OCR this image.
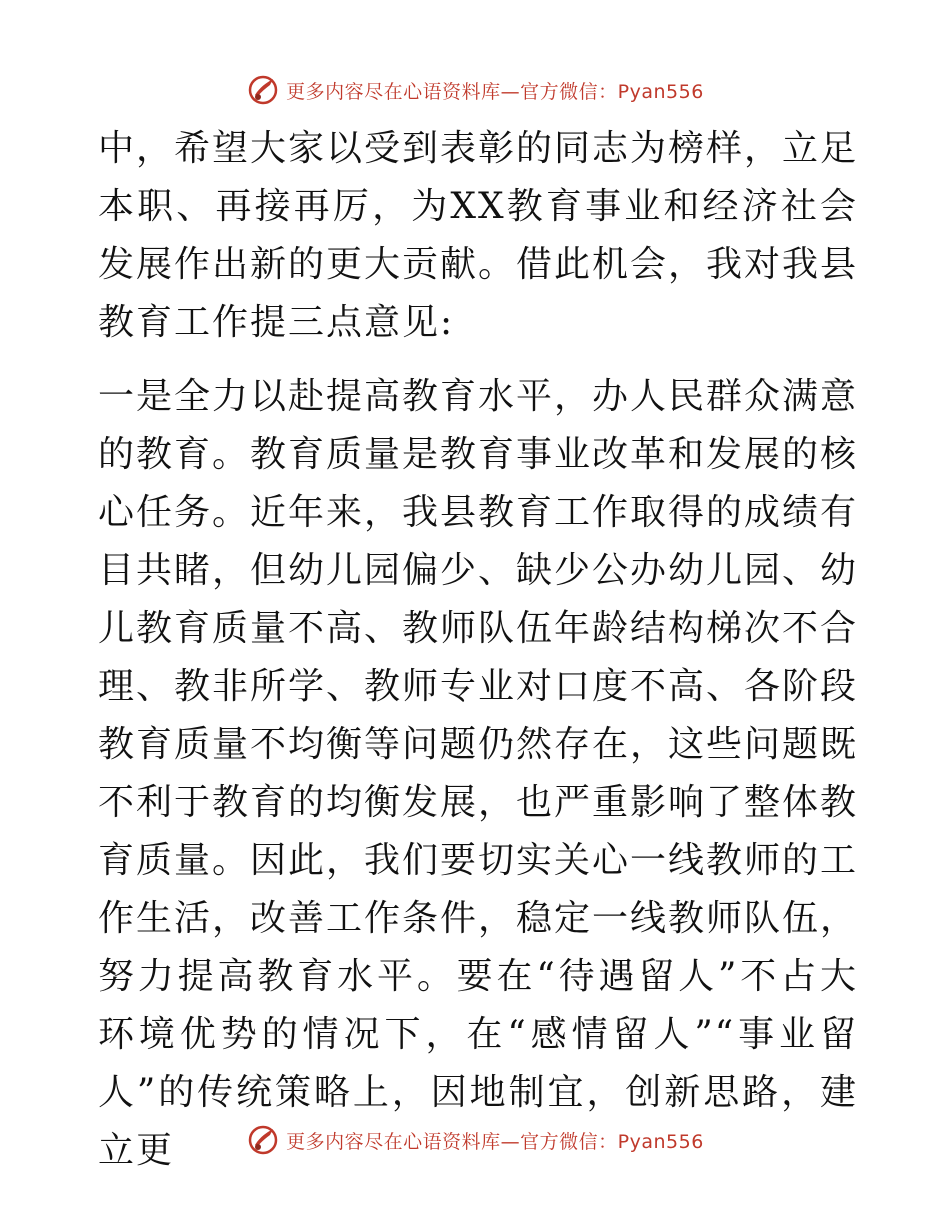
更多内容尽在心语资料库—官方微信：Pyan556

中，希望大家以受到表彰的同志为榜样，立足本职、再接再厉，为XX教育事业和经济社会发展作出新的更大贡献。借此机会，我对我县教育工作提三点意见:

一是全力以赴提高教育水平，办人民群众满意的教育。教育质量是教育事业改革和发展的核心任务。近年来，我县教育工作取得的成绩有目共睹，但幼儿园偏少、缺少公办幼儿园、幼儿教育质量不高、教师队伍年龄结构梯次不合理、教非所学、教师专业对口度不高、各阶段教育质量不均衡等问题仍然存在，这些问题既不利于教育的均衡发展，也严重影响了整体教育质量。因此，我们要切实关心一线教师的工作生活，改善工作条件，稳定一线教师队伍，努力提高教育水平。要在“待遇留人”不占大环境优势的情况下，在“感情留人”“事业留人”的传统策略上，因地制宜，创新思路，建立更	更多内容尽在心语资料库—官方微信：Pyan556
